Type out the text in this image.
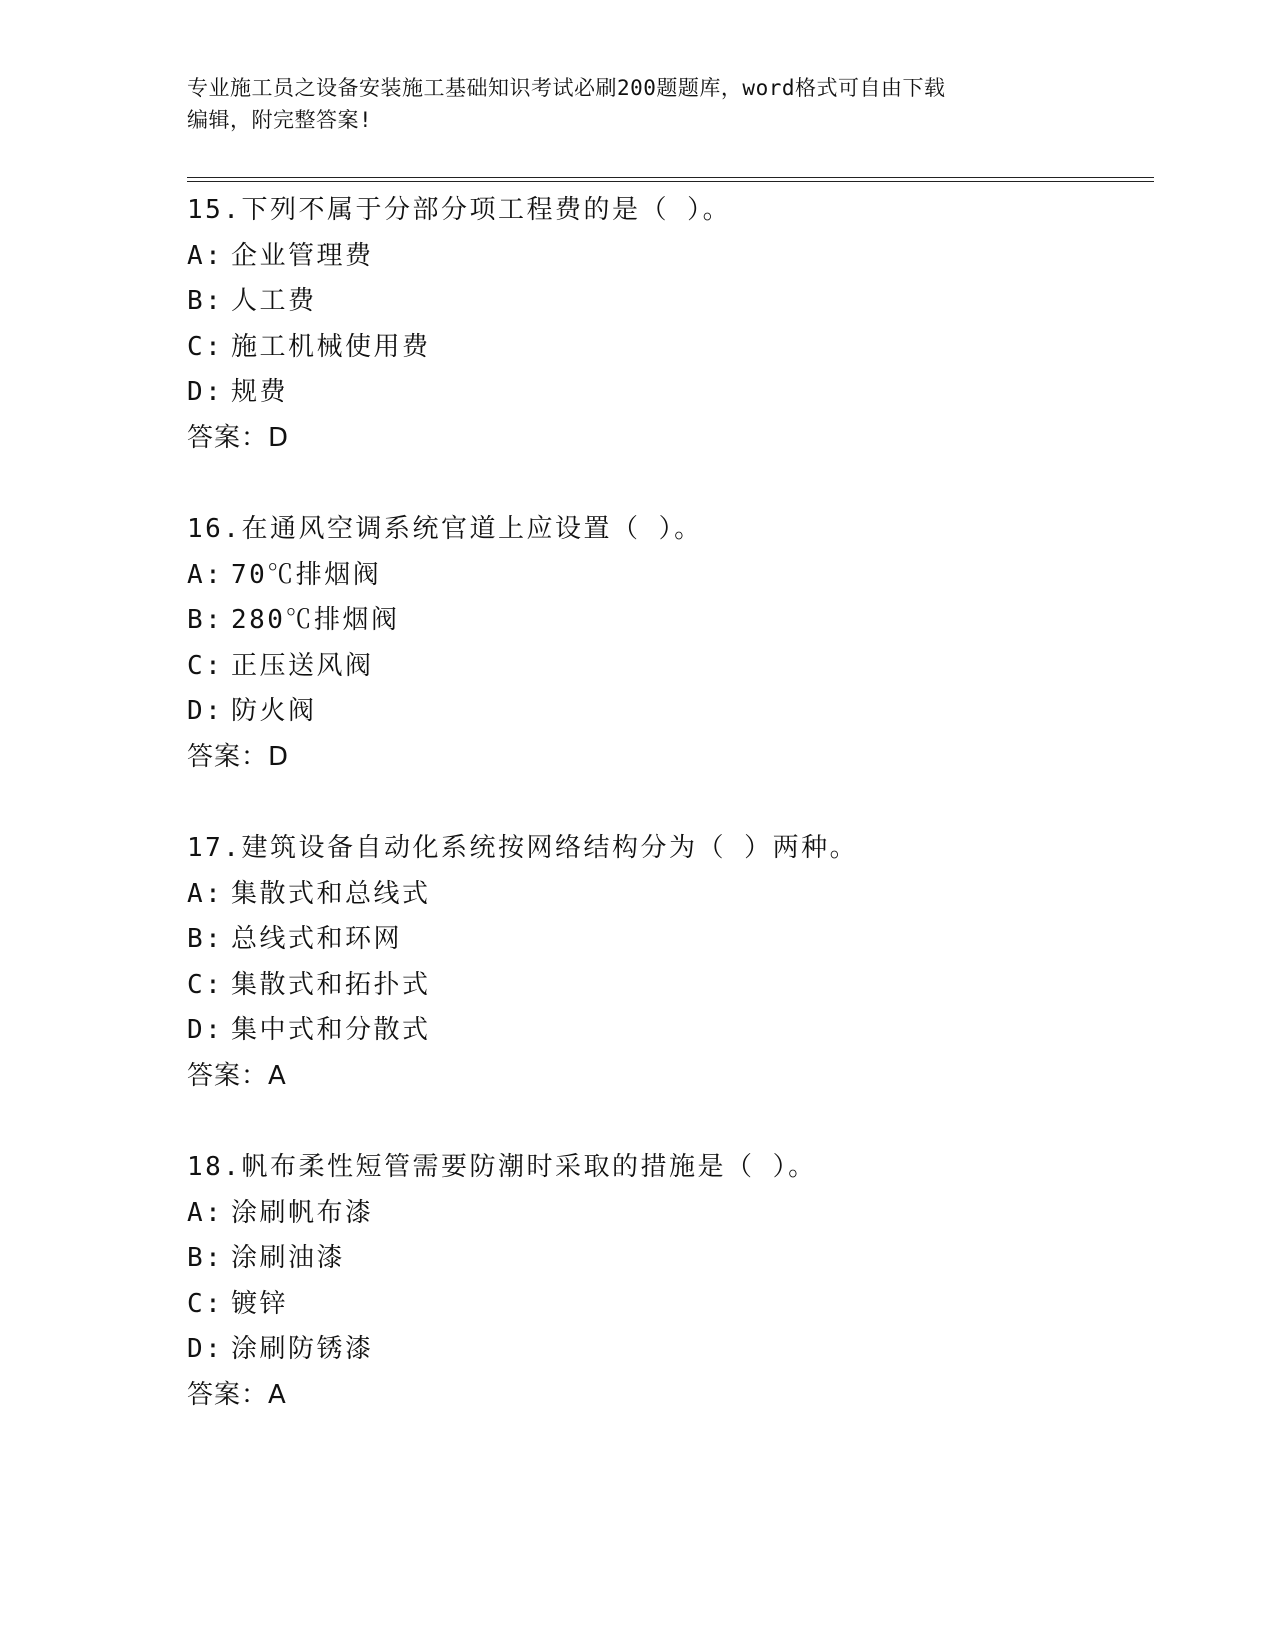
专业施工员之设备安装施工基础知识考试必刷200题题库，word格式可自由下载
编辑，附完整答案!
15.下列不属于分部分项工程费的是（ ）。
A: 企业管理费
B: 人工费
C: 施工机械使用费
D: 规费
答案：D
16.在通风空调系统官道上应设置（ ）。
A: 70℃排烟阀
B: 280℃排烟阀
C: 正压送风阀
D: 防火阀
答案：D
17.建筑设备自动化系统按网络结构分为（ ）两种。
A: 集散式和总线式
B: 总线式和环网
C: 集散式和拓扑式
D: 集中式和分散式
答案：A
18.帆布柔性短管需要防潮时采取的措施是（ ）。
A: 涂刷帆布漆
B: 涂刷油漆
C: 镀锌
D: 涂刷防锈漆
答案：A
